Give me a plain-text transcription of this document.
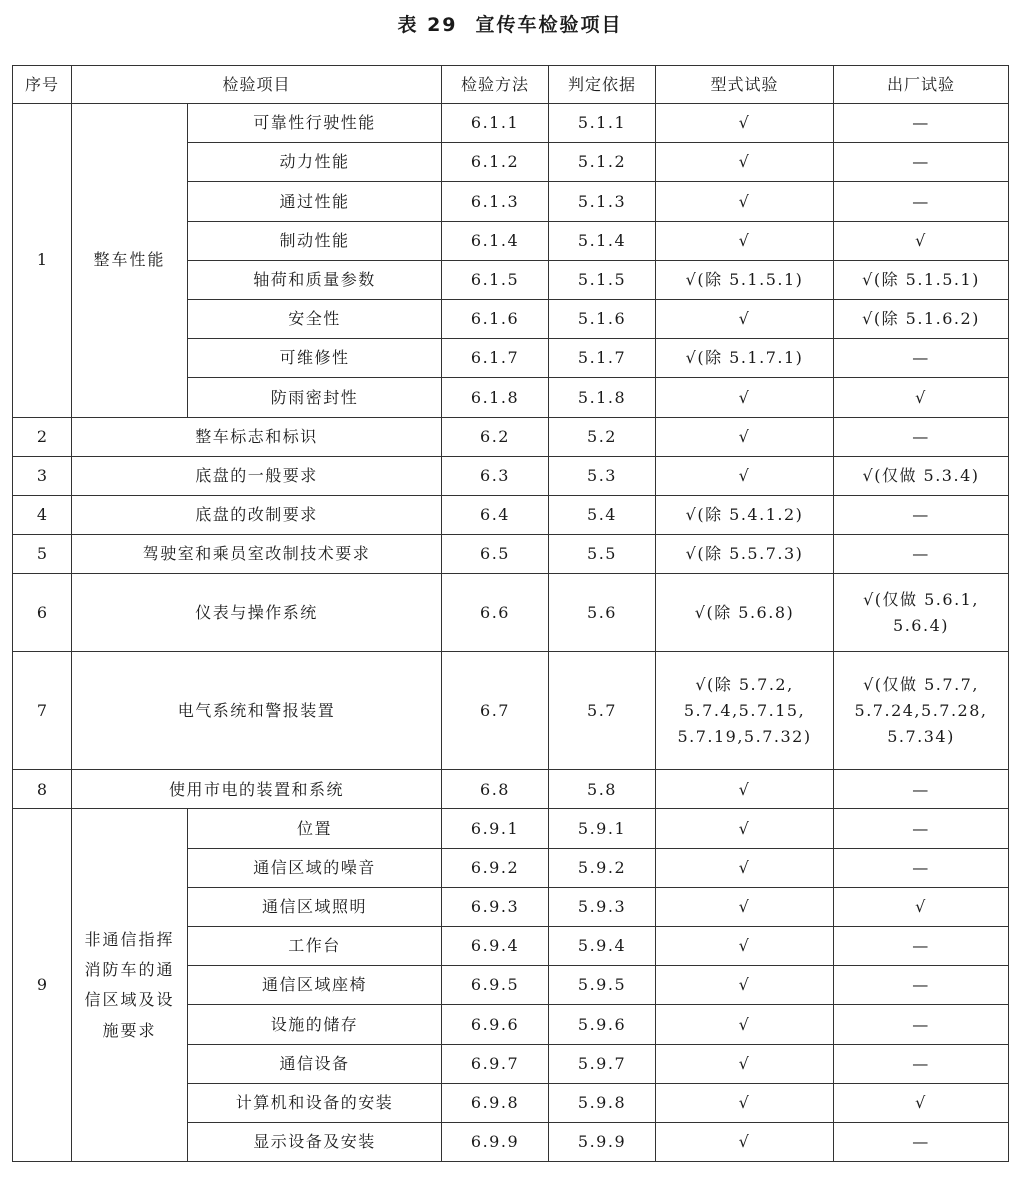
表 29 宣传车检验项目
序号	检验项目		检验方法	判定依据	型式试验	出厂试验
1	整车性能	可靠性行驶性能	6.1.1	5.1.1	√	—
		动力性能	6.1.2	5.1.2	√	—
		通过性能	6.1.3	5.1.3	√	—
		制动性能	6.1.4	5.1.4	√	√
		轴荷和质量参数	6.1.5	5.1.5	√(除 5.1.5.1)	√(除 5.1.5.1)
		安全性	6.1.6	5.1.6	√	√(除 5.1.6.2)
		可维修性	6.1.7	5.1.7	√(除 5.1.7.1)	—
		防雨密封性	6.1.8	5.1.8	√	√
2	整车标志和标识		6.2	5.2	√	—
3	底盘的一般要求		6.3	5.3	√	√(仅做 5.3.4)
4	底盘的改制要求		6.4	5.4	√(除 5.4.1.2)	—
5	驾驶室和乘员室改制技术要求		6.5	5.5	√(除 5.5.7.3)	—
6	仪表与操作系统		6.6	5.6	√(除 5.6.8)	√(仅做 5.6.1,
5.6.4)
7	电气系统和警报装置		6.7	5.7	√(除 5.7.2,
5.7.4,5.7.15,
5.7.19,5.7.32)	√(仅做 5.7.7,
5.7.24,5.7.28,
5.7.34)
8	使用市电的装置和系统		6.8	5.8	√	—
9	非通信指挥
消防车的通
信区域及设
施要求	位置	6.9.1	5.9.1	√	—
		通信区域的噪音	6.9.2	5.9.2	√	—
		通信区域照明	6.9.3	5.9.3	√	√
		工作台	6.9.4	5.9.4	√	—
		通信区域座椅	6.9.5	5.9.5	√	—
		设施的储存	6.9.6	5.9.6	√	—
		通信设备	6.9.7	5.9.7	√	—
		计算机和设备的安装	6.9.8	5.9.8	√	√
		显示设备及安装	6.9.9	5.9.9	√	—
